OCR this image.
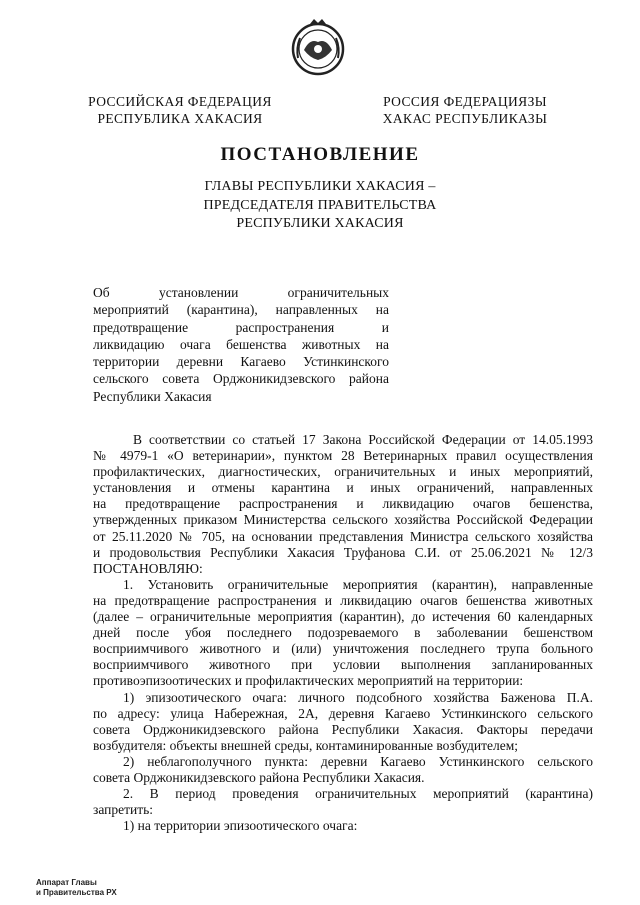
РОССИЙСКАЯ ФЕДЕРАЦИЯ
РЕСПУБЛИКА ХАКАСИЯ
РОССИЯ ФЕДЕРАЦИЯЗЫ
ХАКАС РЕСПУБЛИКАЗЫ
ПОСТАНОВЛЕНИЕ
ГЛАВЫ РЕСПУБЛИКИ ХАКАСИЯ –
ПРЕДСЕДАТЕЛЯ ПРАВИТЕЛЬСТВА
РЕСПУБЛИКИ ХАКАСИЯ
Об установлении ограничительных
мероприятий (карантина), направленных на
предотвращение распространения и
ликвидацию очага бешенства животных на
территории деревни Кагаево Устинкинского
сельского совета Орджоникидзевского района
Республики Хакасия
В соответствии со статьей 17 Закона Российской Федерации от 14.05.1993
№ 4979-1 «О ветеринарии», пунктом 28 Ветеринарных правил осуществления
профилактических, диагностических, ограничительных и иных мероприятий,
установления и отмены карантина и иных ограничений, направленных
на предотвращение распространения и ликвидацию очагов бешенства,
утвержденных приказом Министерства сельского хозяйства Российской Федерации
от 25.11.2020 № 705, на основании представления Министра сельского хозяйства
и продовольствия Республики Хакасия Труфанова С.И. от 25.06.2021 № 12/3
ПОСТАНОВЛЯЮ:
1. Установить ограничительные мероприятия (карантин), направленные
на предотвращение распространения и ликвидацию очагов бешенства животных
(далее – ограничительные мероприятия (карантин), до истечения 60 календарных
дней после убоя последнего подозреваемого в заболевании бешенством
восприимчивого животного и (или) уничтожения последнего трупа больного
восприимчивого животного при условии выполнения запланированных
противоэпизоотических и профилактических мероприятий на территории:
1) эпизоотического очага: личного подсобного хозяйства Баженова П.А.
по адресу: улица Набережная, 2А, деревня Кагаево Устинкинского сельского
совета Орджоникидзевского района Республики Хакасия. Факторы передачи
возбудителя: объекты внешней среды, контаминированные возбудителем;
2) неблагополучного пункта: деревни Кагаево Устинкинского сельского
совета Орджоникидзевского района Республики Хакасия.
2. В период проведения ограничительных мероприятий (карантина)
запретить:
1) на территории эпизоотического очага:
Аппарат Главы
и Правительства РХ
